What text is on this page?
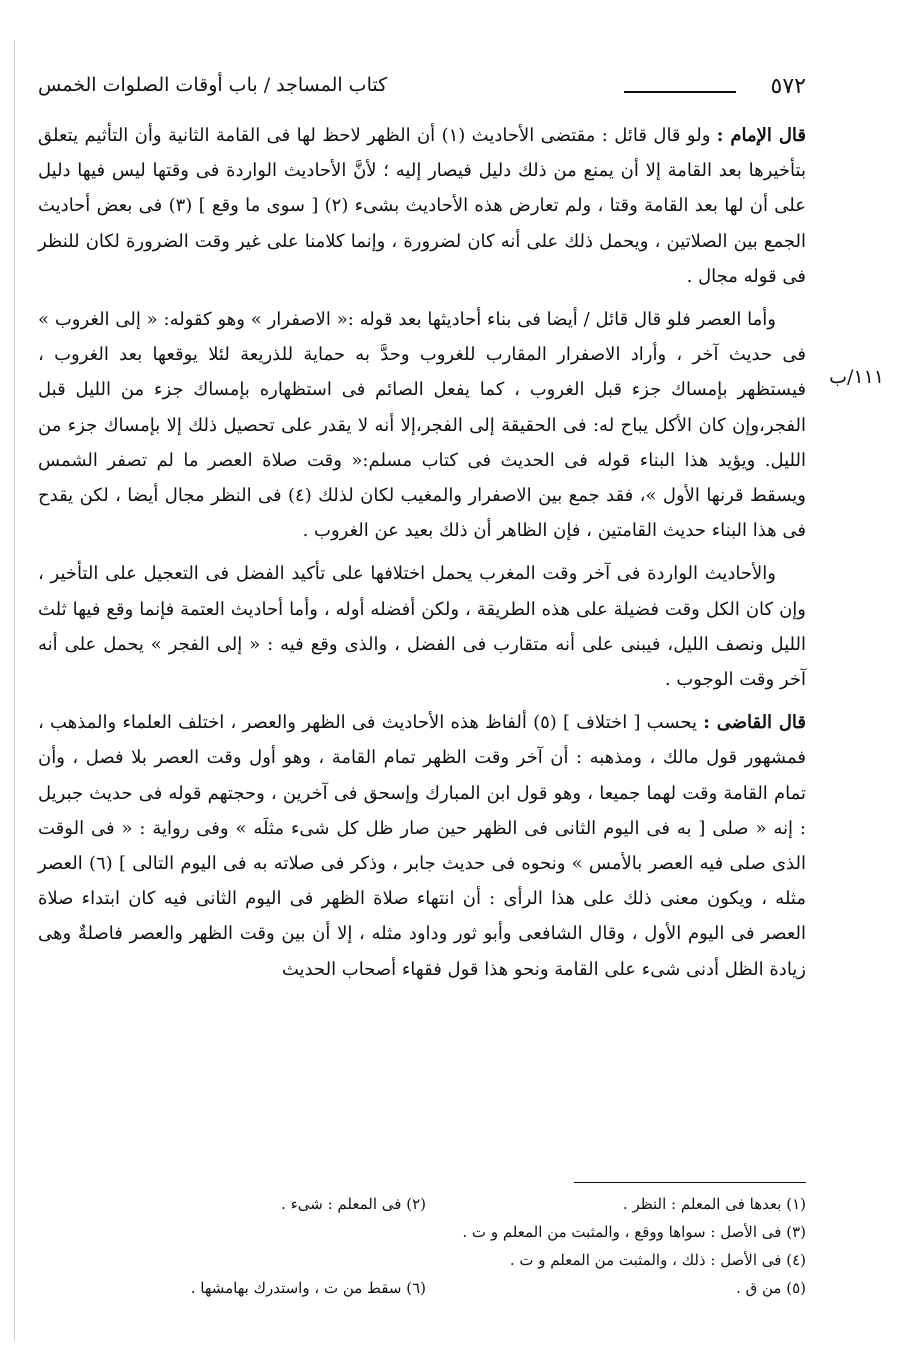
٥٧٢
كتاب المساجد / باب أوقات الصلوات الخمس
١١١/ب

قال الإمام : ولو قال قائل : مقتضى الأحاديث (١) أن الظهر لاحظ لها فى القامة الثانية وأن التأثيم يتعلق بتأخيرها بعد القامة إلا أن يمنع من ذلك دليل فيصار إليه ؛ لأنَّ الأحاديث الواردة فى وقتها ليس فيها دليل على أن لها بعد القامة وقتا ، ولم تعارض هذه الأحاديث بشىء (٢) [ سوى ما وقع ] (٣) فى بعض أحاديث الجمع بين الصلاتين ، ويحمل ذلك على أنه كان لضرورة ، وإنما كلامنا على غير وقت الضرورة لكان للنظر فى قوله مجال .

وأما العصر فلو قال قائل / أيضا فى بناء أحاديثها بعد قوله :« الاصفرار » وهو كقوله: « إلى الغروب » فى حديث آخر ، وأراد الاصفرار المقارب للغروب وحدَّ به حماية للذريعة لئلا يوقعها بعد الغروب ، فيستظهر بإمساك جزء قبل الغروب ، كما يفعل الصائم فى استظهاره بإمساك جزء من الليل قبل الفجر،وإن كان الأكل يباح له: فى الحقيقة إلى الفجر،إلا أنه لا يقدر على تحصيل ذلك إلا بإمساك جزء من الليل. ويؤيد هذا البناء قوله فى الحديث فى كتاب مسلم:« وقت صلاة العصر ما لم تصفر الشمس ويسقط قرنها الأول »، فقد جمع بين الاصفرار والمغيب لكان لذلك (٤) فى النظر مجال أيضا ، لكن يقدح فى هذا البناء حديث القامتين ، فإن الظاهر أن ذلك بعيد عن الغروب .

والأحاديث الواردة فى آخر وقت المغرب يحمل اختلافها على تأكيد الفضل فى التعجيل على التأخير ، وإن كان الكل وقت فضيلة على هذه الطريقة ، ولكن أفضله أوله ، وأما أحاديث العتمة فإنما وقع فيها ثلث الليل ونصف الليل، فيبنى على أنه متقارب فى الفضل ، والذى وقع فيه : « إلى الفجر » يحمل على أنه آخر وقت الوجوب .

قال القاضى : يحسب [ اختلاف ] (٥) ألفاظ هذه الأحاديث فى الظهر والعصر ، اختلف العلماء والمذهب ، فمشهور قول مالك ، ومذهبه : أن آخر وقت الظهر تمام القامة ، وهو أول وقت العصر بلا فصل ، وأن تمام القامة وقت لهما جميعا ، وهو قول ابن المبارك وإسحق فى آخرين ، وحجتهم قوله فى حديث جبريل : إنه « صلى [ به فى اليوم الثانى فى الظهر حين صار ظل كل شىء مثلَه » وفى رواية : « فى الوقت الذى صلى فيه العصر بالأمس » ونحوه فى حديث جابر ، وذكر فى صلاته به فى اليوم التالى ] (٦) العصر مثله ، ويكون معنى ذلك على هذا الرأى : أن انتهاء صلاة الظهر فى اليوم الثانى فيه كان ابتداء صلاة العصر فى اليوم الأول ، وقال الشافعى وأبو ثور وداود مثله ، إلا أن بين وقت الظهر والعصر فاصلةٌ وهى زيادة الظل أدنى شىء على القامة ونحو هذا قول فقهاء أصحاب الحديث

(١) بعدها فى المعلم : النظر .
(٢) فى المعلم : شىء .
(٣) فى الأصل : سواها ووقع ، والمثبت من المعلم و ت .
(٤) فى الأصل : ذلك ، والمثبت من المعلم و ت .
(٥) من ق .
(٦) سقط من ت ، واستدرك بهامشها .
